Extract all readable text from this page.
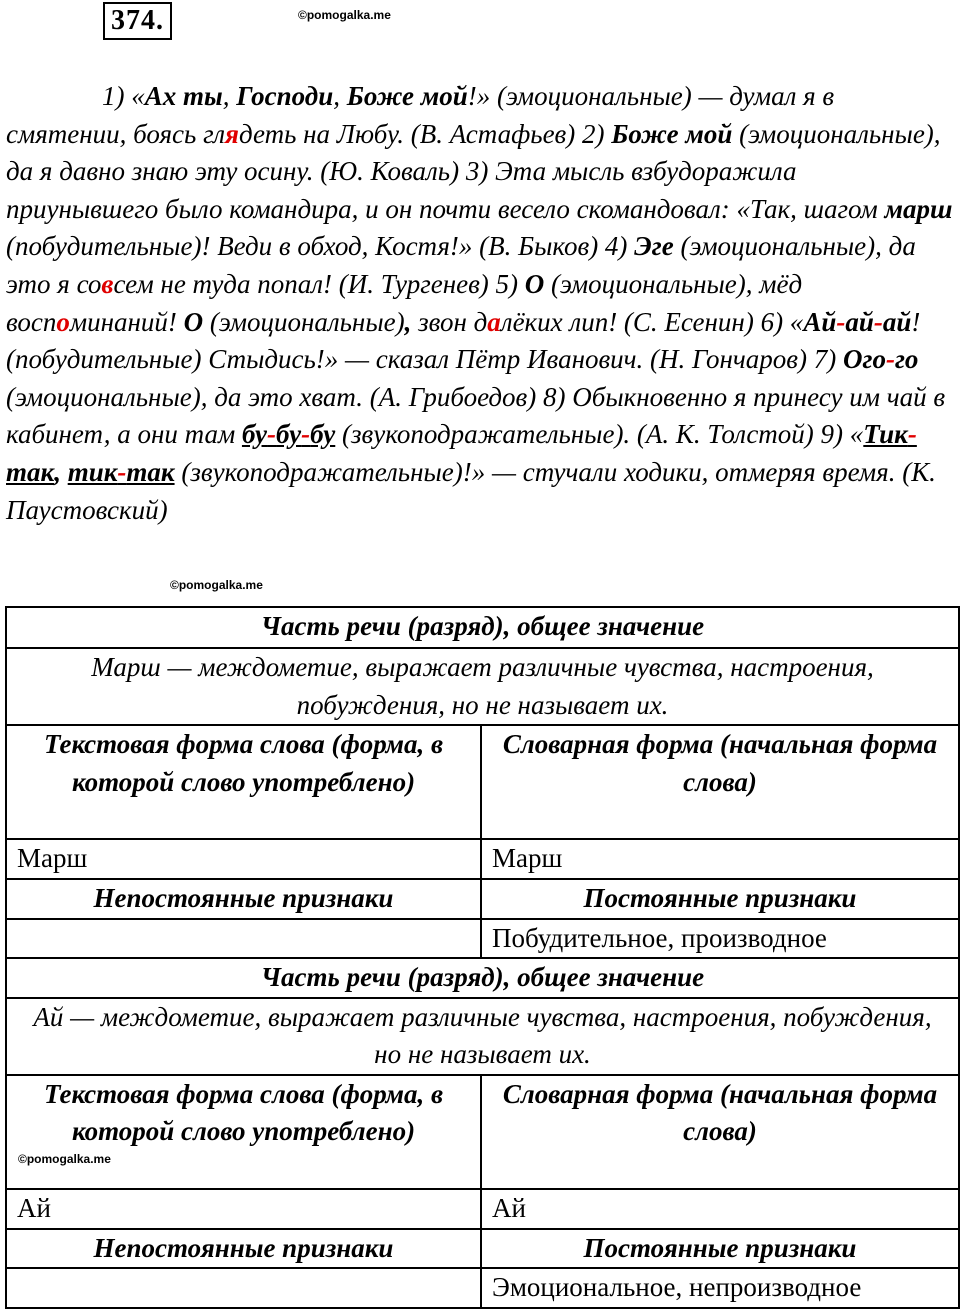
374.	©pomogalka.me
1) «Ах ты, Господи, Боже мой!» (эмоциональные) — думал я в смятении, боясь глядеть на Любу. (В. Астафьев) 2) Боже мой (эмоциональные), да я давно знаю эту осину. (Ю. Коваль) 3) Эта мысль взбудоражила приунывшего было командира, и он почти весело скомандовал: «Так, шагом марш (побудительные)! Веди в обход, Костя!» (В. Быков) 4) Эге (эмоциональные), да это я совсем не туда попал! (И. Тургенев) 5) О (эмоциональные), мёд воспоминаний! О (эмоциональные), звон далёких лип! (С. Есенин) 6) «Ай-ай-ай! (побудительные) Стыдись!» — сказал Пётр Иванович. (Н. Гончаров) 7) Ого-го (эмоциональные), да это хват. (А. Грибоедов) 8) Обыкновенно я принесу им чай в кабинет, а они там бу-бу-бу (звукоподражательные). (А. К. Толстой) 9) «Тик-так, тик-так (звукоподражательные)!» — стучали ходики, отмеряя время. (К. Паустовский)
©pomogalka.me
Часть речи (разряд), общее значение	
Марш — междометие, выражает различные чувства, настроения, побуждения, но не называет их.	
Текстовая форма слова (форма, в которой слово употреблено)	Словарная форма (начальная форма слова)
Марш	Марш
Непостоянные признаки	Постоянные признаки
	Побудительное, производное
Часть речи (разряд), общее значение	
Ай — междометие, выражает различные чувства, настроения, побуждения, но не называет их.	
Текстовая форма слова (форма, в которой слово употреблено)	Словарная форма (начальная форма слова)
Ай	Ай
Непостоянные признаки	Постоянные признаки
	Эмоциональное, непроизводное
©pomogalka.me
